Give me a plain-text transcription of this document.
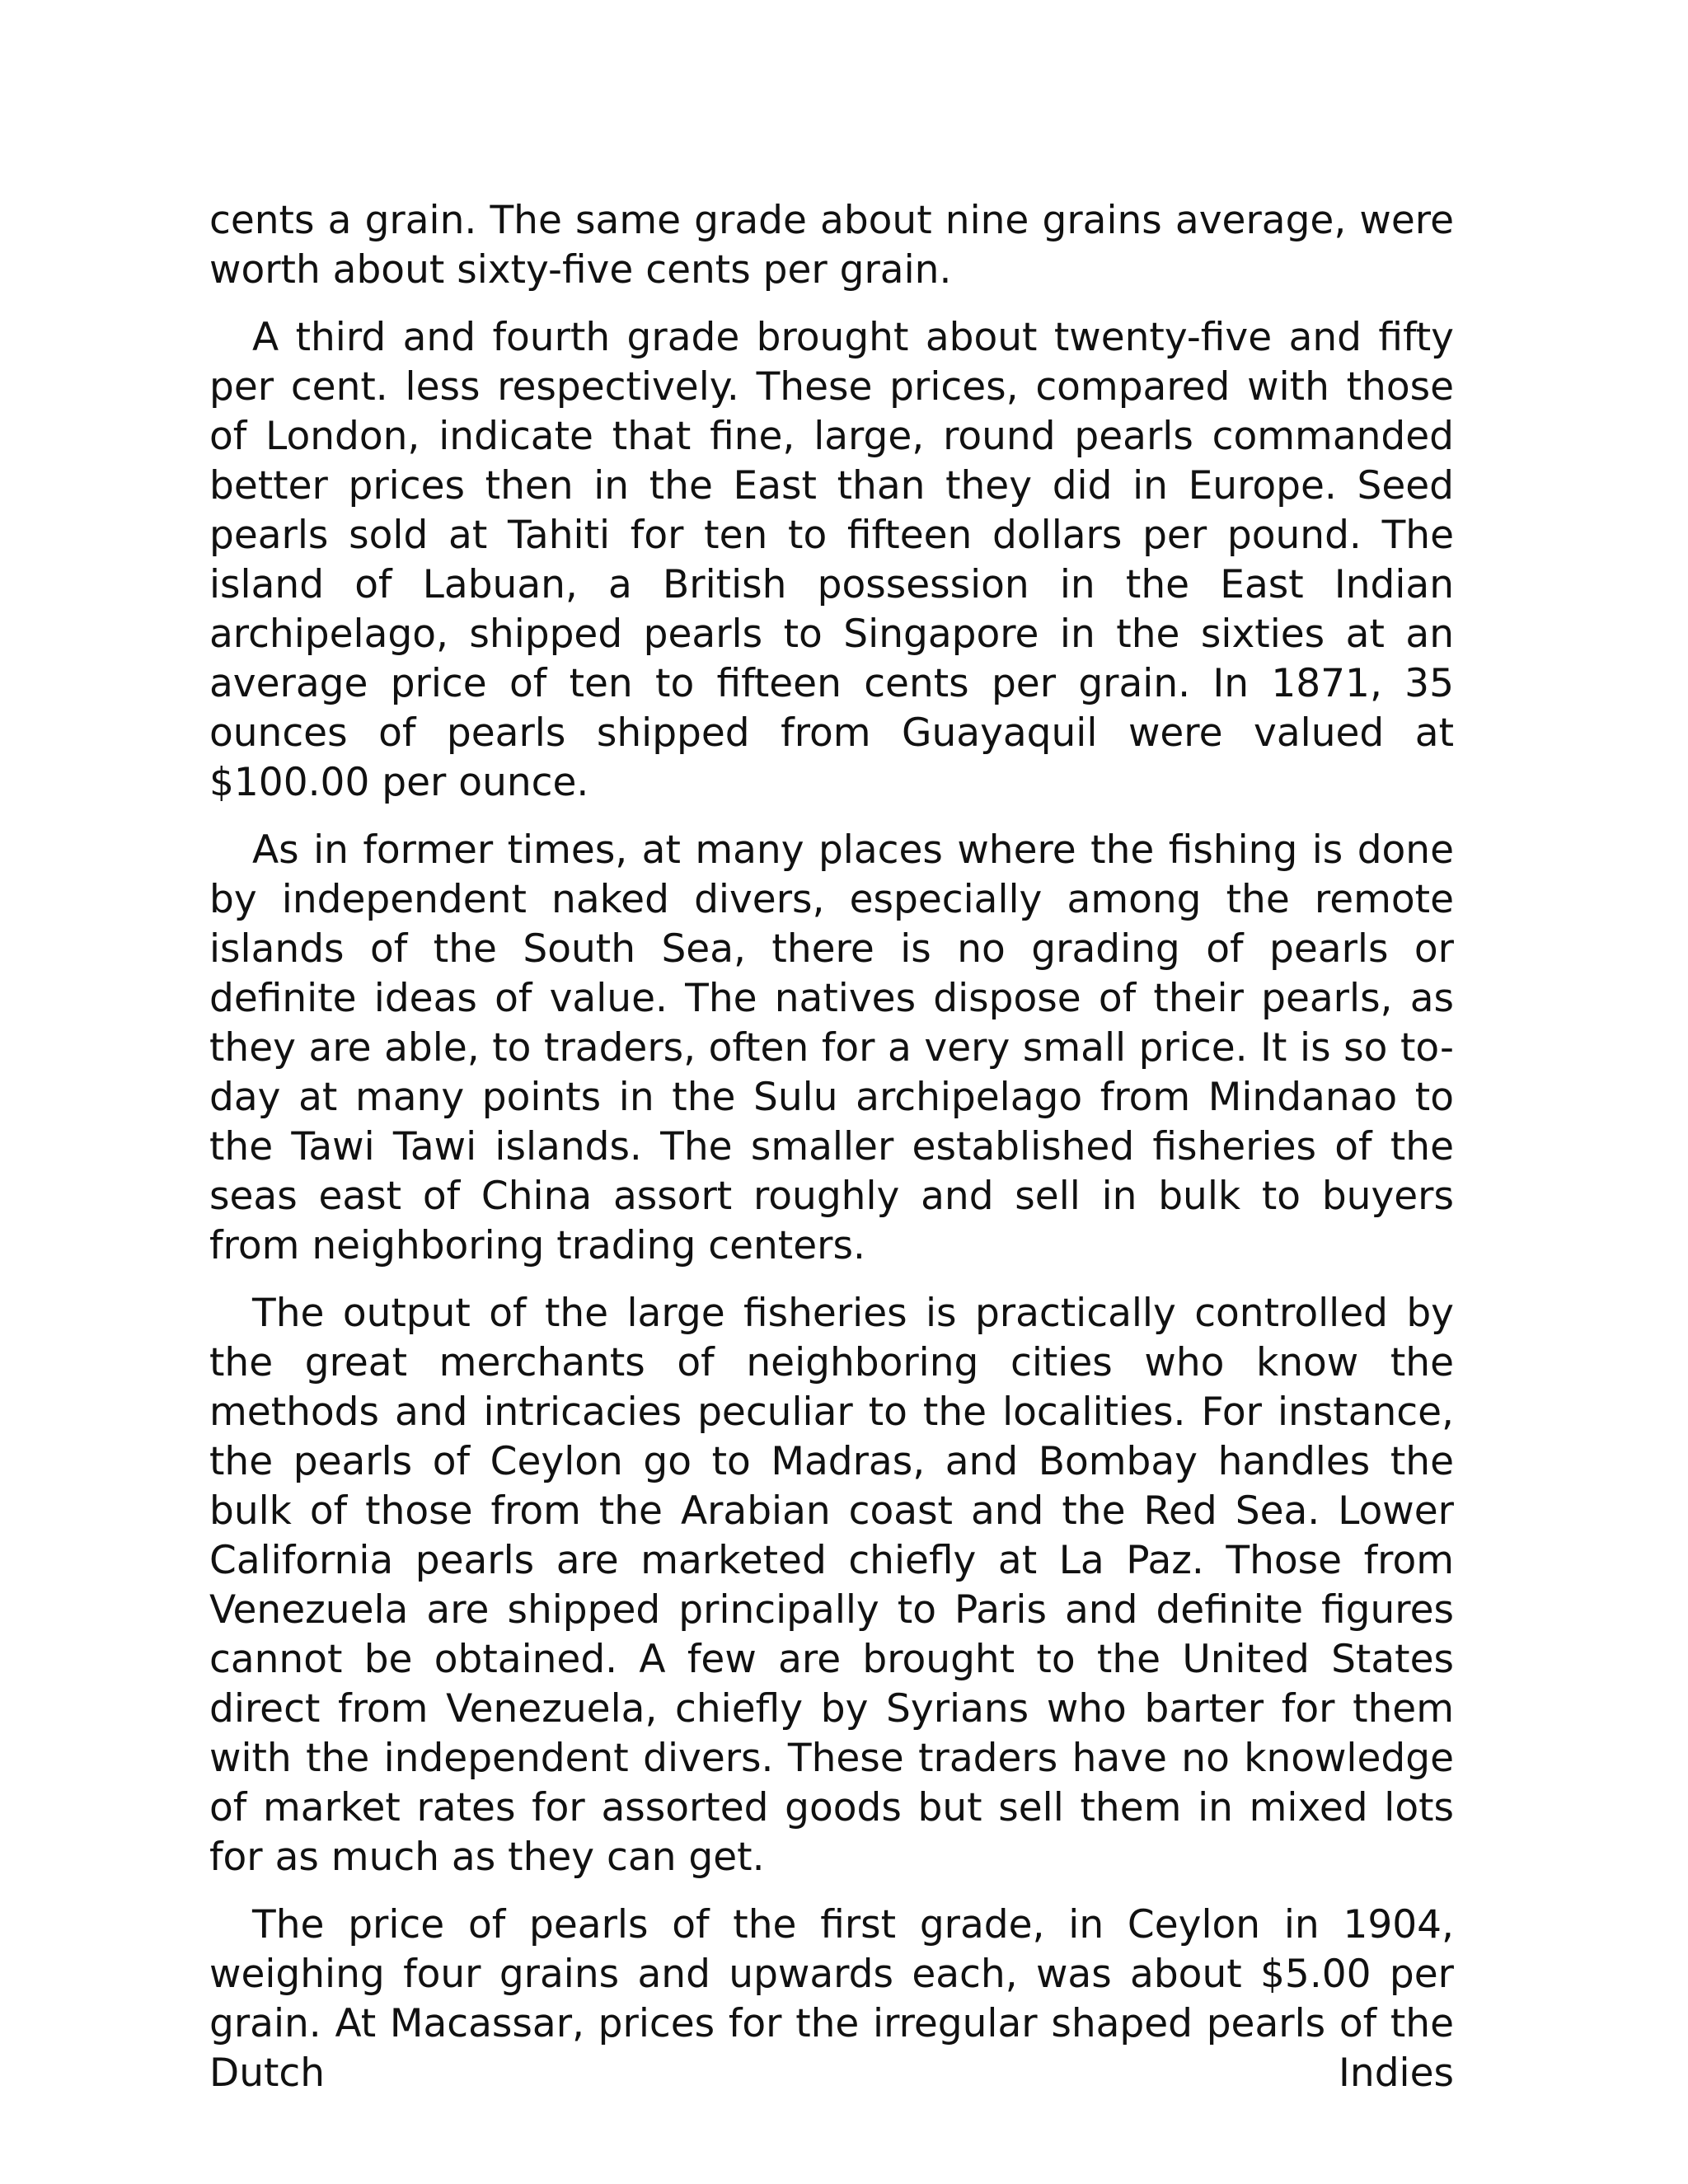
cents a grain. The same grade about nine grains average, were worth about sixty-five cents per grain.

A third and fourth grade brought about twenty-five and fifty per cent. less respectively. These prices, compared with those of London, indicate that fine, large, round pearls commanded better prices then in the East than they did in Europe. Seed pearls sold at Tahiti for ten to fifteen dollars per pound. The island of Labuan, a British possession in the East Indian archipelago, shipped pearls to Singapore in the sixties at an average price of ten to fifteen cents per grain. In 1871, 35 ounces of pearls shipped from Guayaquil were valued at $100.00 per ounce.

As in former times, at many places where the fishing is done by independent naked divers, especially among the remote islands of the South Sea, there is no grading of pearls or definite ideas of value. The natives dispose of their pearls, as they are able, to traders, often for a very small price. It is so to-day at many points in the Sulu archipelago from Mindanao to the Tawi Tawi islands. The smaller established fisheries of the seas east of China assort roughly and sell in bulk to buyers from neighboring trading centers.

The output of the large fisheries is practically controlled by the great merchants of neighboring cities who know the methods and intricacies peculiar to the localities. For instance, the pearls of Ceylon go to Madras, and Bombay handles the bulk of those from the Arabian coast and the Red Sea. Lower California pearls are marketed chiefly at La Paz. Those from Venezuela are shipped principally to Paris and definite figures cannot be obtained. A few are brought to the United States direct from Venezuela, chiefly by Syrians who barter for them with the independent divers. These traders have no knowledge of market rates for assorted goods but sell them in mixed lots for as much as they can get.

The price of pearls of the first grade, in Ceylon in 1904, weighing four grains and upwards each, was about $5.00 per grain. At Macassar, prices for the irregular shaped pearls of the Dutch Indies
